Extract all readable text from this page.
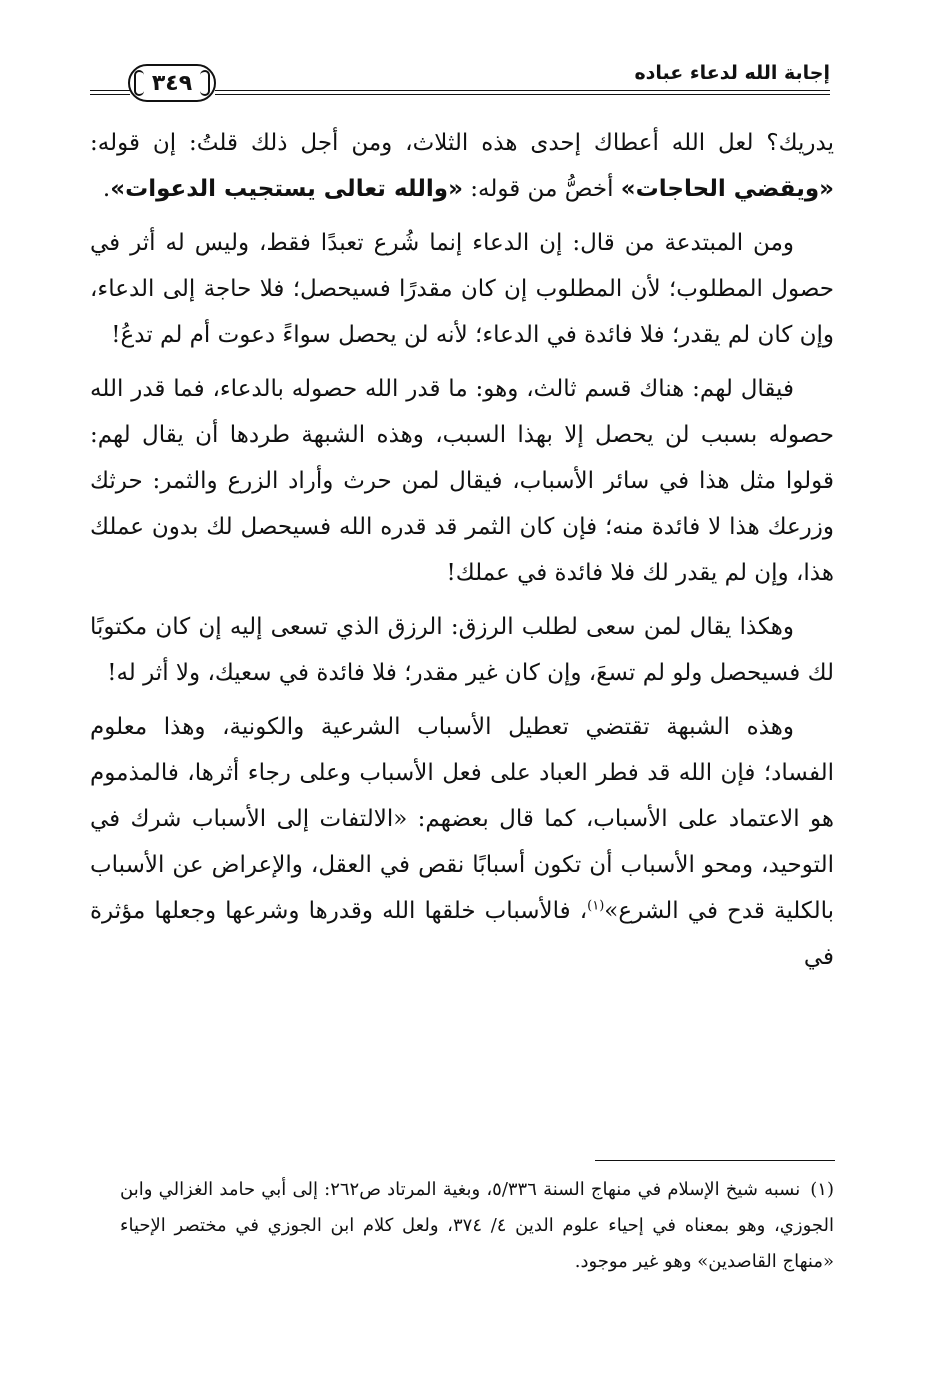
إجابة الله لدعاء عباده
٣٤٩

يدريك؟ لعل الله أعطاك إحدى هذه الثلاث، ومن أجل ذلك قلتُ: إن قوله: «ويقضي الحاجات» أخصُّ من قوله: «والله تعالى يستجيب الدعوات».

ومن المبتدعة من قال: إن الدعاء إنما شُرع تعبدًا فقط، وليس له أثر في حصول المطلوب؛ لأن المطلوب إن كان مقدرًا فسيحصل؛ فلا حاجة إلى الدعاء، وإن كان لم يقدر؛ فلا فائدة في الدعاء؛ لأنه لن يحصل سواءً دعوت أم لم تدعُ!

فيقال لهم: هناك قسم ثالث، وهو: ما قدر الله حصوله بالدعاء، فما قدر الله حصوله بسبب لن يحصل إلا بهذا السبب، وهذه الشبهة طردها أن يقال لهم: قولوا مثل هذا في سائر الأسباب، فيقال لمن حرث وأراد الزرع والثمر: حرثك وزرعك هذا لا فائدة منه؛ فإن كان الثمر قد قدره الله فسيحصل لك بدون عملك هذا، وإن لم يقدر لك فلا فائدة في عملك!

وهكذا يقال لمن سعى لطلب الرزق: الرزق الذي تسعى إليه إن كان مكتوبًا لك فسيحصل ولو لم تسعَ، وإن كان غير مقدر؛ فلا فائدة في سعيك، ولا أثر له!

وهذه الشبهة تقتضي تعطيل الأسباب الشرعية والكونية، وهذا معلوم الفساد؛ فإن الله قد فطر العباد على فعل الأسباب وعلى رجاء أثرها، فالمذموم هو الاعتماد على الأسباب، كما قال بعضهم: «الالتفات إلى الأسباب شرك في التوحيد، ومحو الأسباب أن تكون أسبابًا نقص في العقل، والإعراض عن الأسباب بالكلية قدح في الشرع»$^{(١)}$، فالأسباب خلقها الله وقدرها وشرعها وجعلها مؤثرة في

(١)نسبه شيخ الإسلام في منهاج السنة ٥/٣٣٦، وبغية المرتاد ص٢٦٢: إلى أبي حامد الغزالي وابن الجوزي، وهو بمعناه في إحياء علوم الدين ٤/ ٣٧٤، ولعل كلام ابن الجوزي في مختصر الإحياء «منهاج القاصدين» وهو غير موجود.
